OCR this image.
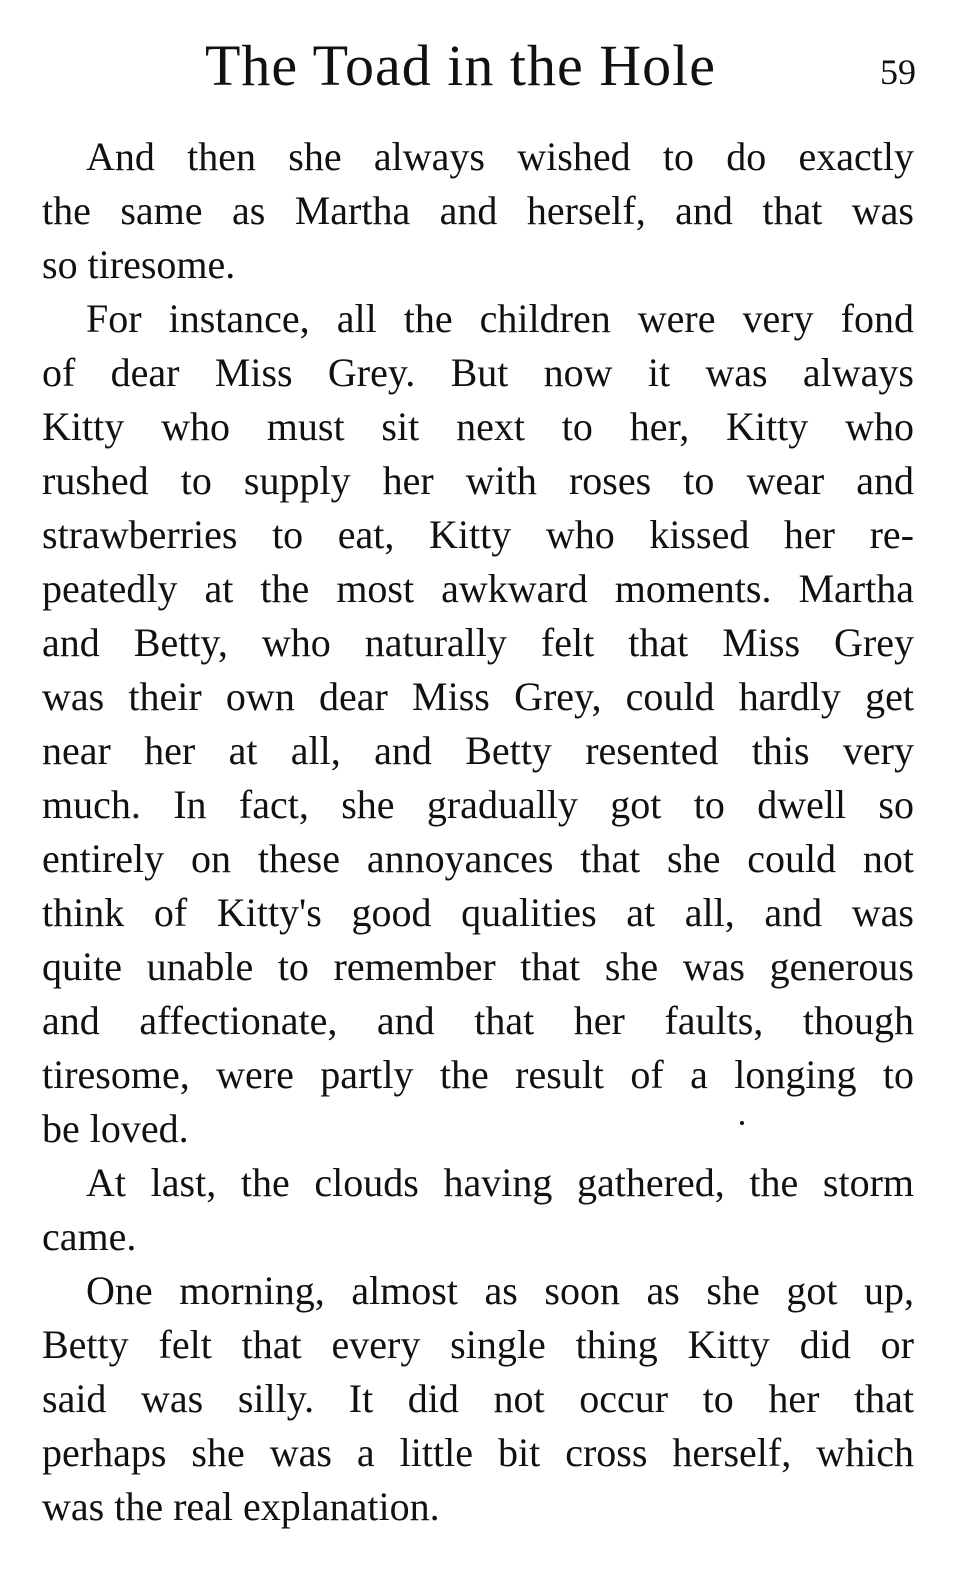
The Toad in the Hole	59
And then she always wished to do exactly
the same as Martha and herself, and that was
so tiresome.
For instance, all the children were very fond
of dear Miss Grey. But now it was always
Kitty who must sit next to her, Kitty who
rushed to supply her with roses to wear and
strawberries to eat, Kitty who kissed her re-
peatedly at the most awkward moments. Martha
and Betty, who naturally felt that Miss Grey
was their own dear Miss Grey, could hardly get
near her at all, and Betty resented this very
much. In fact, she gradually got to dwell so
entirely on these annoyances that she could not
think of Kitty's good qualities at all, and was
quite unable to remember that she was generous
and affectionate, and that her faults, though
tiresome, were partly the result of a longing to
be loved.
At last, the clouds having gathered, the storm
came.
One morning, almost as soon as she got up,
Betty felt that every single thing Kitty did or
said was silly. It did not occur to her that
perhaps she was a little bit cross herself, which
was the real explanation.
